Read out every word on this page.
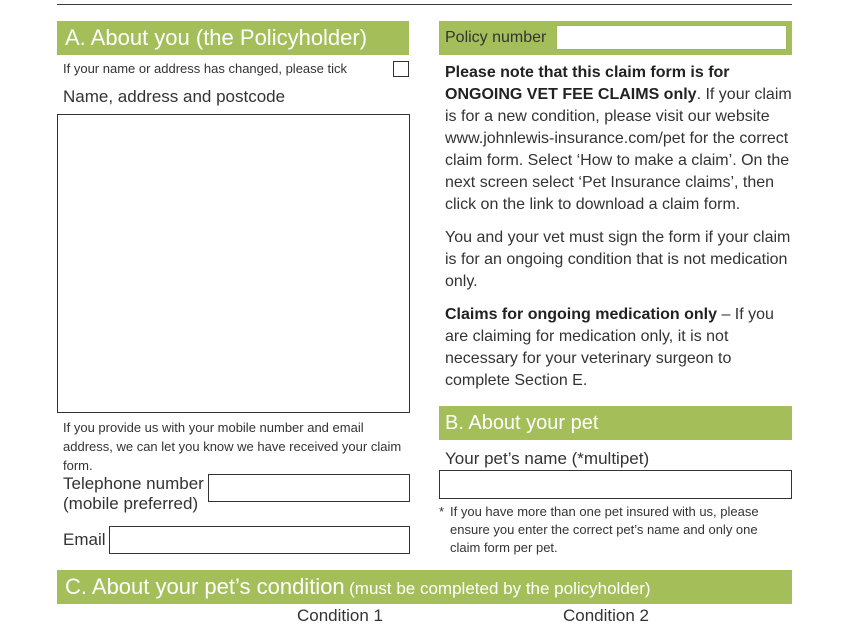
A. About you (the Policyholder)
If your name or address has changed, please tick
Name, address and postcode
If you provide us with your mobile number and email address, we can let you know we have received your claim form.
Telephone number
(mobile preferred)
Email
Policy number

Please note that this claim form is for
ONGOING VET FEE CLAIMS only. If your claim is for a new condition, please visit our website www.johnlewis-insurance.com/pet for the correct claim form. Select ‘How to make a claim’. On the next screen select ‘Pet Insurance claims’, then click on the link to download a claim form.

You and your vet must sign the form if your claim is for an ongoing condition that is not medication only.

Claims for ongoing medication only – If you are claiming for medication only, it is not necessary for your veterinary surgeon to complete Section E.

B. About your pet
Your pet’s name (*multipet)
* If you have more than one pet insured with us, please ensure you enter the correct pet’s name and only one claim form per pet.
C. About your pet’s condition (must be completed by the policyholder)
Condition 1	Condition 2
